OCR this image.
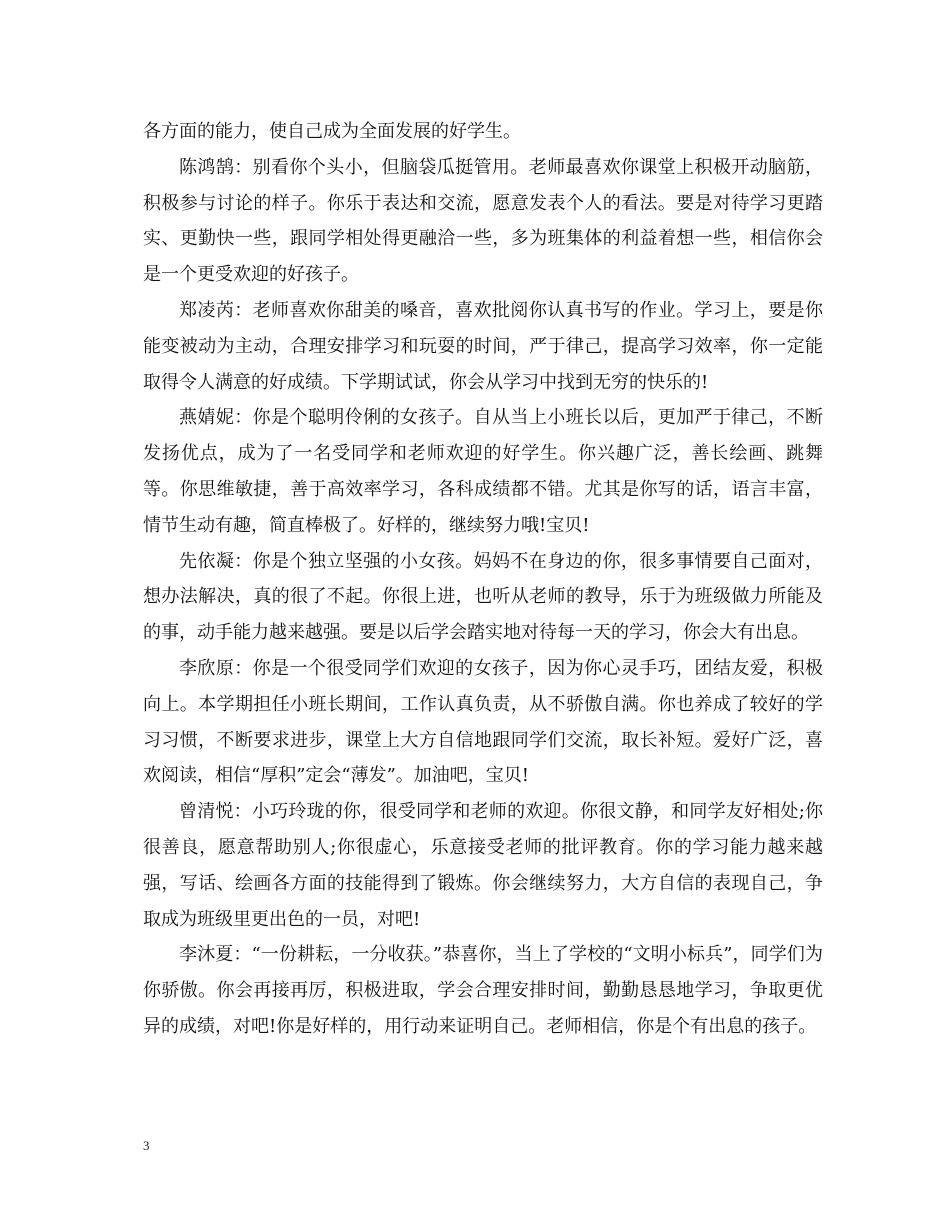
各方面的能力，使自己成为全面发展的好学生。

陈鸿鹄：别看你个头小，但脑袋瓜挺管用。老师最喜欢你课堂上积极开动脑筋，积极参与讨论的样子。你乐于表达和交流，愿意发表个人的看法。要是对待学习更踏实、更勤快一些，跟同学相处得更融洽一些，多为班集体的利益着想一些，相信你会是一个更受欢迎的好孩子。

郑凌芮：老师喜欢你甜美的嗓音，喜欢批阅你认真书写的作业。学习上，要是你能变被动为主动，合理安排学习和玩耍的时间，严于律己，提高学习效率，你一定能取得令人满意的好成绩。下学期试试，你会从学习中找到无穷的快乐的!

燕婧妮：你是个聪明伶俐的女孩子。自从当上小班长以后，更加严于律己，不断发扬优点，成为了一名受同学和老师欢迎的好学生。你兴趣广泛，善长绘画、跳舞等。你思维敏捷，善于高效率学习，各科成绩都不错。尤其是你写的话，语言丰富，情节生动有趣，简直棒极了。好样的，继续努力哦!宝贝!

先依凝：你是个独立坚强的小女孩。妈妈不在身边的你，很多事情要自己面对，想办法解决，真的很了不起。你很上进，也听从老师的教导，乐于为班级做力所能及的事，动手能力越来越强。要是以后学会踏实地对待每一天的学习，你会大有出息。

李欣原：你是一个很受同学们欢迎的女孩子，因为你心灵手巧，团结友爱，积极向上。本学期担任小班长期间，工作认真负责，从不骄傲自满。你也养成了较好的学习习惯，不断要求进步，课堂上大方自信地跟同学们交流，取长补短。爱好广泛，喜欢阅读，相信“厚积”定会“薄发”。加油吧，宝贝!

曾清悦：小巧玲珑的你，很受同学和老师的欢迎。你很文静，和同学友好相处;你很善良，愿意帮助别人;你很虚心，乐意接受老师的批评教育。你的学习能力越来越强，写话、绘画各方面的技能得到了锻炼。你会继续努力，大方自信的表现自己，争取成为班级里更出色的一员，对吧!

李沐夏：“一份耕耘，一分收获。”恭喜你，当上了学校的“文明小标兵”，同学们为你骄傲。你会再接再厉，积极进取，学会合理安排时间，勤勤恳恳地学习，争取更优异的成绩，对吧!你是好样的，用行动来证明自己。老师相信，你是个有出息的孩子。

3
